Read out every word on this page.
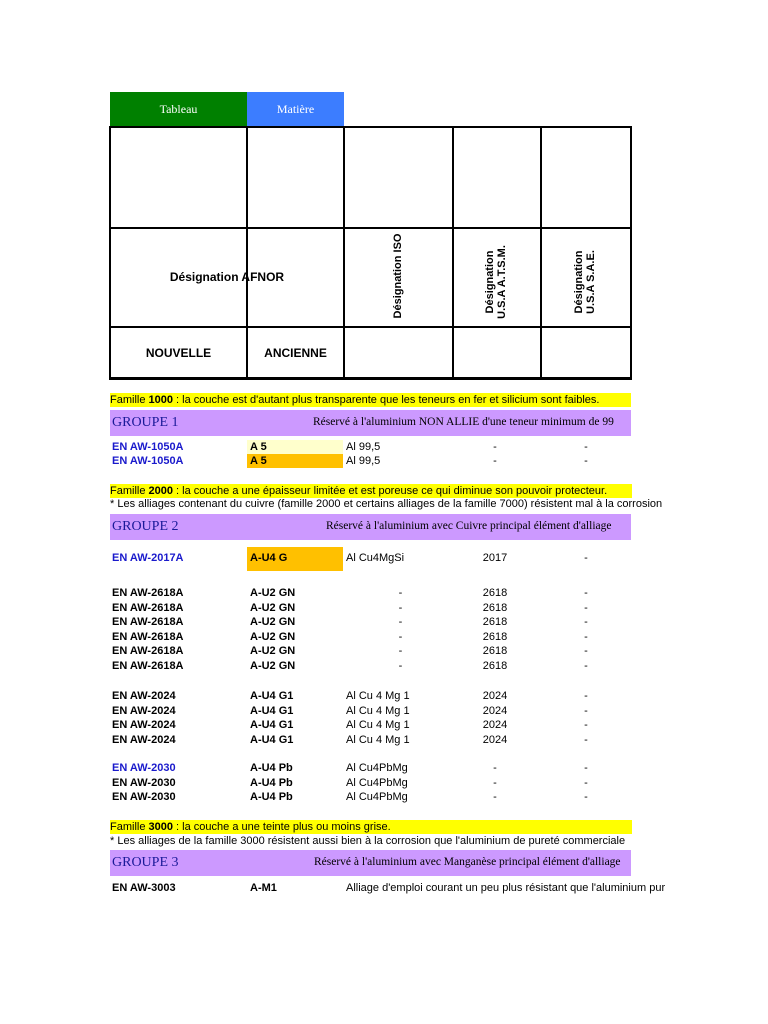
Tableau	Matière
Désignation AFNOR	Désignation ISO	Désignation U.S.A A.T.S.M.	Désignation U.S.A S.A.E.
NOUVELLE	ANCIENNE
Famille 1000 : la couche est d'autant plus transparente que les teneurs en fer et silicium sont faibles.
GROUPE 1	Réservé à l'aluminium NON ALLIE d'une teneur minimum de 99
EN AW-1050A	A 5	Al 99,5	-	-
EN AW-1050A	A 5	Al 99,5	-	-
Famille 2000 : la couche a une épaisseur limitée et est poreuse ce qui diminue son pouvoir protecteur.
* Les alliages contenant du cuivre (famille 2000 et certains alliages de la famille 7000) résistent mal à la corrosion
GROUPE 2	Réservé à l'aluminium avec Cuivre principal élément d'alliage
EN AW-2017A	A-U4 G	Al Cu4MgSi	2017	-
EN AW-2618A	A-U2 GN	-	2618	-
EN AW-2618A	A-U2 GN	-	2618	-
EN AW-2618A	A-U2 GN	-	2618	-
EN AW-2618A	A-U2 GN	-	2618	-
EN AW-2618A	A-U2 GN	-	2618	-
EN AW-2618A	A-U2 GN	-	2618	-
EN AW-2024	A-U4 G1	Al Cu 4 Mg 1	2024	-
EN AW-2024	A-U4 G1	Al Cu 4 Mg 1	2024	-
EN AW-2024	A-U4 G1	Al Cu 4 Mg 1	2024	-
EN AW-2024	A-U4 G1	Al Cu 4 Mg 1	2024	-
EN AW-2030	A-U4 Pb	Al Cu4PbMg	-	-
EN AW-2030	A-U4 Pb	Al Cu4PbMg	-	-
EN AW-2030	A-U4 Pb	Al Cu4PbMg	-	-
Famille 3000 : la couche a une teinte plus ou moins grise.
* Les alliages de la famille 3000 résistent aussi bien à la corrosion que l'aluminium de pureté commerciale
GROUPE 3	Réservé à l'aluminium avec Manganèse principal élément d'alliage
EN AW-3003	A-M1	Alliage d'emploi courant un peu plus résistant que l'aluminium pur
